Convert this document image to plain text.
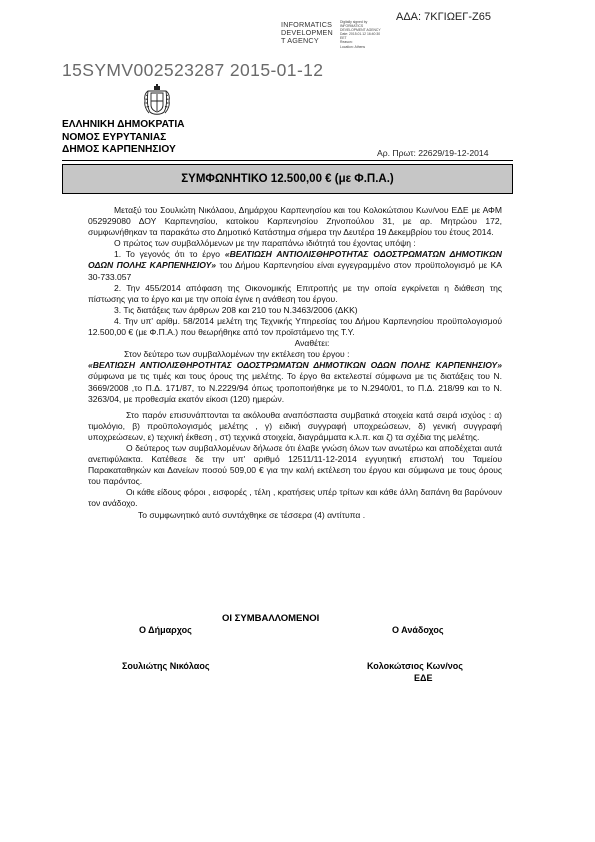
ΑΔΑ: 7ΚΓΙΩΕΓ-Ζ65
INFORMATICS
DEVELOPMEN
T AGENCY
Digitally signed by
INFORMATICS
DEVELOPMENT AGENCY
Date: 2015.01.12 16:40:30
EET
Reason:
Location: Athens
15SYMV002523287 2015-01-12
ΕΛΛΗΝΙΚΗ ΔΗΜΟΚΡΑΤΙΑ
ΝΟΜΟΣ ΕΥΡΥΤΑΝΙΑΣ
ΔΗΜΟΣ ΚΑΡΠΕΝΗΣΙΟΥ	Αρ. Πρωτ: 22629/19-12-2014
ΣΥΜΦΩΝΗΤΙΚΟ 12.500,00 € (με Φ.Π.Α.)

Μεταξύ του Σουλιώτη Νικόλαου, Δημάρχου Καρπενησίου και του Κολοκώτσιου Κων/νου ΕΔΕ με ΑΦΜ 052929080 ΔΟΥ Καρπενησίου, κατοίκου Καρπενησίου Ζηνοπούλου 31, με αρ. Μητρώου 172, συμφωνήθηκαν τα παρακάτω στο Δημοτικό Κατάστημα σήμερα την Δευτέρα 19 Δεκεμβρίου του έτους 2014.

Ο πρώτος των συμβαλλόμενων με την παραπάνω ιδιότητά του έχοντας υπόψη :

1. Το γεγονός ότι το έργο «ΒΕΛΤΙΩΣΗ ΑΝΤΙΟΛΙΣΘΗΡΟΤΗΤΑΣ ΟΔΟΣΤΡΩΜΑΤΩΝ ΔΗΜΟΤΙΚΩΝ ΟΔΩΝ ΠΟΛΗΣ ΚΑΡΠΕΝΗΣΙΟΥ» του Δήμου Καρπενησίου είναι εγγεγραμμένο στον προϋπολογισμό με ΚΑ 30-733.057

2. Την 455/2014 απόφαση της Οικονομικής Επιτροπής με την οποία εγκρίνεται η διάθεση της πίστωσης για το έργο και με την οποία έγινε η ανάθεση του έργου.

3. Τις διατάξεις των άρθρων 208 και 210 του Ν.3463/2006 (ΔΚΚ)

4. Την υπ' αρίθμ. 58/2014 μελέτη της Τεχνικής Υπηρεσίας του Δήμου Καρπενησίου προϋπολογισμού 12.500,00 € (με Φ.Π.Α.) που θεωρήθηκε από τον προϊστάμενο της Τ.Υ.

Αναθέτει:

Στον δεύτερο των συμβαλλομένων την εκτέλεση του έργου :

«ΒΕΛΤΙΩΣΗ ΑΝΤΙΟΛΙΣΘΗΡΟΤΗΤΑΣ ΟΔΟΣΤΡΩΜΑΤΩΝ ΔΗΜΟΤΙΚΩΝ ΟΔΩΝ ΠΟΛΗΣ ΚΑΡΠΕΝΗΣΙΟΥ» σύμφωνα με τις τιμές και τους όρους της μελέτης. Το έργο θα εκτελεστεί σύμφωνα με τις διατάξεις του Ν. 3669/2008 ,το Π.Δ. 171/87, το Ν.2229/94 όπως τροποποιήθηκε με το Ν.2940/01, το Π.Δ. 218/99 και το Ν. 3263/04, με προθεσμία εκατόν είκοσι (120) ημερών.

Στο παρόν επισυνάπτονται τα ακόλουθα αναπόσπαστα συμβατικά στοιχεία κατά σειρά ισχύος : α) τιμολόγιο, β) προϋπολογισμός μελέτης , γ) ειδική συγγραφή υποχρεώσεων, δ) γενική συγγραφή υποχρεώσεων, ε) τεχνική έκθεση , στ) τεχνικά στοιχεία, διαγράμματα κ.λ.π. και ζ) τα σχέδια της μελέτης.

Ο δεύτερος των συμβαλλομένων δήλωσε ότι έλαβε γνώση όλων των ανωτέρω και αποδέχεται αυτά ανεπιφύλακτα. Κατέθεσε δε την υπ' αριθμό 12511/11-12-2014 εγγυητική επιστολή του Ταμείου Παρακαταθηκών και Δανείων ποσού 509,00 € για την καλή εκτέλεση του έργου και σύμφωνα με τους όρους του παρόντος.

Οι κάθε είδους φόροι , εισφορές , τέλη , κρατήσεις υπέρ τρίτων και κάθε άλλη δαπάνη θα βαρύνουν τον ανάδοχο.

Το συμφωνητικό αυτό συντάχθηκε σε τέσσερα (4) αντίτυπα .

ΟΙ ΣΥΜΒΑΛΛΟΜΕΝΟΙ
Ο Δήμαρχος	Ο Ανάδοχος
Σουλιώτης Νικόλαος	Κολοκώτσιος Κων/νος
ΕΔΕ
